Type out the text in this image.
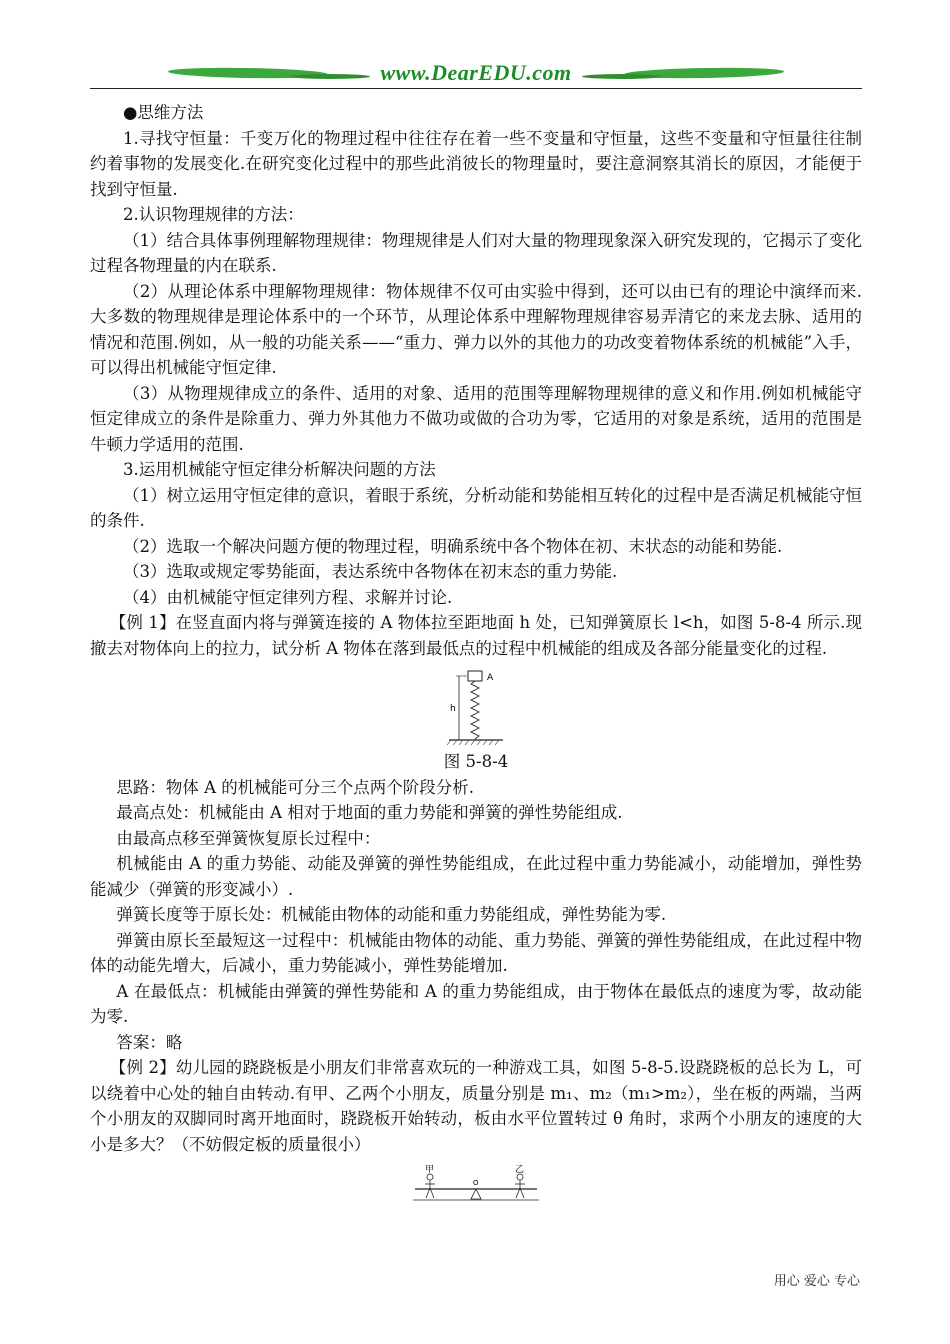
www.DearEDU.com

●思维方法

1.寻找守恒量：千变万化的物理过程中往往存在着一些不变量和守恒量，这些不变量和守恒量往往制约着事物的发展变化.在研究变化过程中的那些此消彼长的物理量时，要注意洞察其消长的原因，才能便于找到守恒量.

2.认识物理规律的方法：

（1）结合具体事例理解物理规律：物理规律是人们对大量的物理现象深入研究发现的，它揭示了变化过程各物理量的内在联系.

（2）从理论体系中理解物理规律：物体规律不仅可由实验中得到，还可以由已有的理论中演绎而来.大多数的物理规律是理论体系中的一个环节，从理论体系中理解物理规律容易弄清它的来龙去脉、适用的情况和范围.例如，从一般的功能关系——“重力、弹力以外的其他力的功改变着物体系统的机械能”入手，可以得出机械能守恒定律.

（3）从物理规律成立的条件、适用的对象、适用的范围等理解物理规律的意义和作用.例如机械能守恒定律成立的条件是除重力、弹力外其他力不做功或做的合功为零，它适用的对象是系统，适用的范围是牛顿力学适用的范围.

3.运用机械能守恒定律分析解决问题的方法

（1）树立运用守恒定律的意识，着眼于系统，分析动能和势能相互转化的过程中是否满足机械能守恒的条件.

（2）选取一个解决问题方便的物理过程，明确系统中各个物体在初、末状态的动能和势能.

（3）选取或规定零势能面，表达系统中各物体在初末态的重力势能.

（4）由机械能守恒定律列方程、求解并讨论.

【例 1】在竖直面内将与弹簧连接的 A 物体拉至距地面 h 处，已知弹簧原长 l<h，如图 5-8-4 所示.现撤去对物体向上的拉力，试分析 A 物体在落到最低点的过程中机械能的组成及各部分能量变化的过程.

A
h

图 5-8-4

思路：物体 A 的机械能可分三个点两个阶段分析.

最高点处：机械能由 A 相对于地面的重力势能和弹簧的弹性势能组成.

由最高点移至弹簧恢复原长过程中：

机械能由 A 的重力势能、动能及弹簧的弹性势能组成，在此过程中重力势能减小，动能增加，弹性势能减少（弹簧的形变减小）.

弹簧长度等于原长处：机械能由物体的动能和重力势能组成，弹性势能为零.

弹簧由原长至最短这一过程中：机械能由物体的动能、重力势能、弹簧的弹性势能组成，在此过程中物体的动能先增大，后减小，重力势能减小，弹性势能增加.

A 在最低点：机械能由弹簧的弹性势能和 A 的重力势能组成，由于物体在最低点的速度为零，故动能为零.

答案：略

【例 2】幼儿园的跷跷板是小朋友们非常喜欢玩的一种游戏工具，如图 5-8-5.设跷跷板的总长为 L，可以绕着中心处的轴自由转动.有甲、乙两个小朋友，质量分别是 m₁、m₂（m₁>m₂），坐在板的两端，当两个小朋友的双脚同时离开地面时，跷跷板开始转动，板由水平位置转过 θ 角时，求两个小朋友的速度的大小是多大？（不妨假定板的质量很小）

甲	乙
O
用心 爱心 专心
